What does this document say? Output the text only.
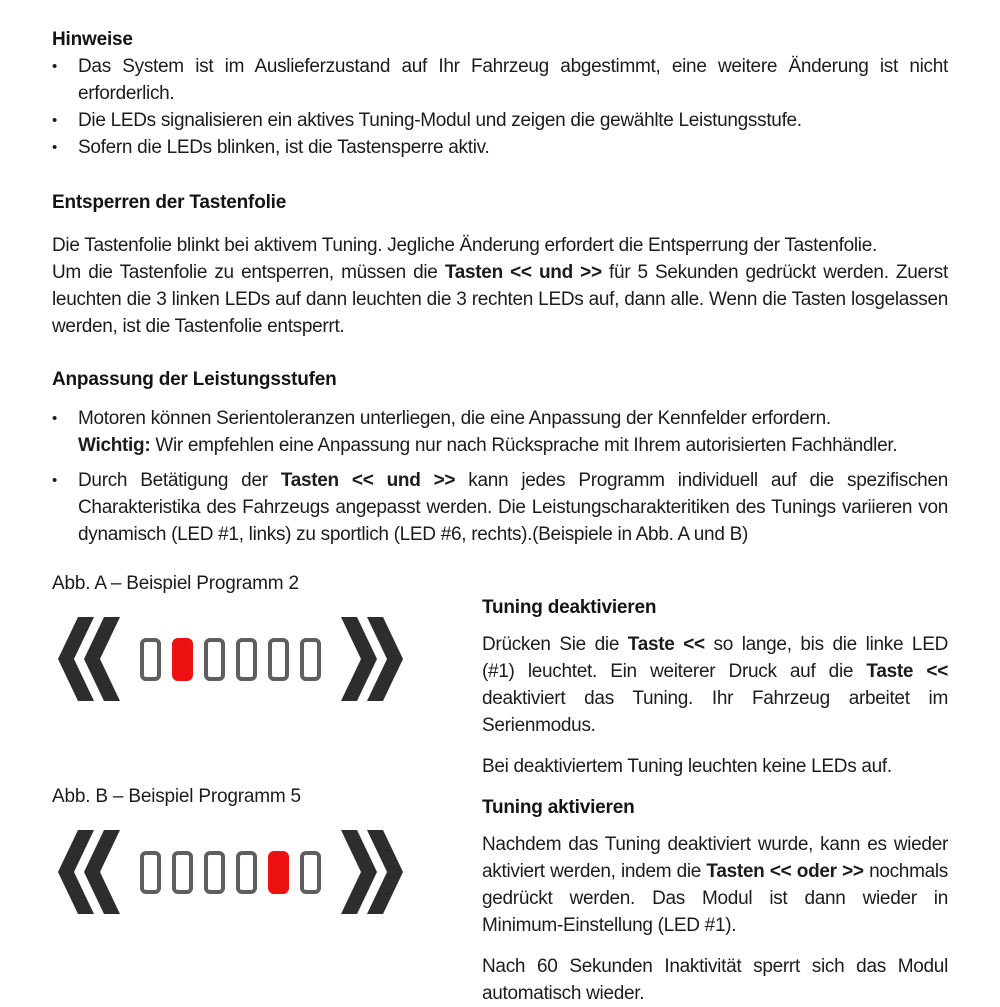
Hinweise

•	Das System ist im Auslieferzustand auf Ihr Fahrzeug abgestimmt, eine weitere Änderung ist nicht erforderlich.

•	Die LEDs signalisieren ein aktives Tuning-Modul und zeigen die gewählte Leistungsstufe.

•	Sofern die LEDs blinken, ist die Tastensperre aktiv.

Entsperren der Tastenfolie

Die Tastenfolie blinkt bei aktivem Tuning. Jegliche Änderung erfordert die Entsperrung der Tastenfolie.

Um die Tastenfolie zu entsperren, müssen die Tasten << und >> für 5 Sekunden gedrückt werden. Zuerst leuchten die 3 linken LEDs auf dann leuchten die 3 rechten LEDs auf, dann alle. Wenn die Tasten losgelassen werden, ist die Tastenfolie entsperrt.

Anpassung der Leistungsstufen

•	Motoren können Serientoleranzen unterliegen, die eine Anpassung der Kennfelder erfordern.

Wichtig: Wir empfehlen eine Anpassung nur nach Rücksprache mit Ihrem autorisierten Fachhändler.

•	Durch Betätigung der Tasten << und >> kann jedes Programm individuell auf die spezifischen Charakteristika des Fahrzeugs angepasst werden. Die Leistungscharakteritiken des Tunings variieren von dynamisch (LED #1, links) zu sportlich (LED #6, rechts).(Beispiele in Abb. A und B)

Abb. A – Beispiel Programm 2

Abb. B – Beispiel Programm 5

Tuning deaktivieren

Drücken Sie die Taste << so lange, bis die linke LED (#1) leuchtet. Ein weiterer Druck auf die Taste << deaktiviert das Tuning. Ihr Fahrzeug arbeitet im Serienmodus.

Bei deaktiviertem Tuning leuchten keine LEDs auf.

Tuning aktivieren

Nachdem das Tuning deaktiviert wurde, kann es wieder aktiviert werden, indem die Tasten << oder >> nochmals gedrückt werden. Das Modul ist dann wieder in Minimum-Einstellung (LED #1).

Nach 60 Sekunden Inaktivität sperrt sich das Modul automatisch wieder.
